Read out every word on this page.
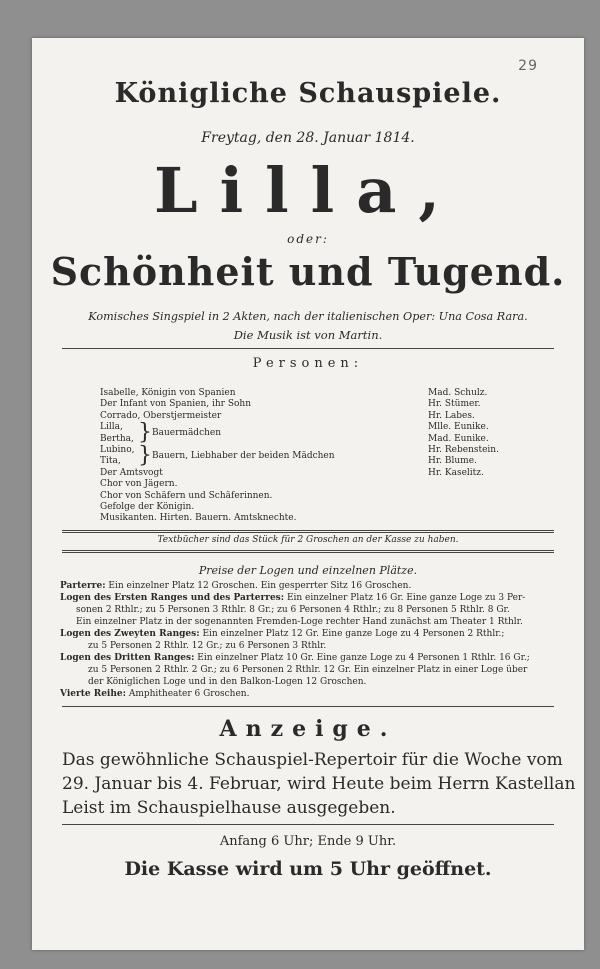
29
Königliche Schauspiele.
Freytag, den 28. Januar 1814.
Lilla,
oder:
Schönheit und Tugend.
Komisches Singspiel in 2 Akten, nach der italienischen Oper: Una Cosa Rara.
Die Musik ist von Martin.
Personen:
Isabelle, Königin von Spanien	Mad. Schulz.
Der Infant von Spanien, ihr Sohn	Hr. Stümer.
Corrado, Oberstjermeister	Hr. Labes.
Lilla,	Mlle. Eunike.
} Bauermädchen
Bertha,	Mad. Eunike.
Lubino,	Hr. Rebenstein.
} Bauern, Liebhaber der beiden Mädchen
Tita,	Hr. Blume.
Der Amtsvogt	Hr. Kaselitz.
Chor von Jägern.
Chor von Schäfern und Schäferinnen.
Gefolge der Königin.
Musikanten. Hirten. Bauern. Amtsknechte.
Textbücher sind das Stück für 2 Groschen an der Kasse zu haben.
Preise der Logen und einzelnen Plätze.
Parterre: Ein einzelner Platz 12 Groschen. Ein gesperrter Sitz 16 Groschen.
Logen des Ersten Ranges und des Parterres: Ein einzelner Platz 16 Gr. Eine ganze Loge zu 3 Per-
sonen 2 Rthlr.; zu 5 Personen 3 Rthlr. 8 Gr.; zu 6 Personen 4 Rthlr.; zu 8 Personen 5 Rthlr. 8 Gr.
Ein einzelner Platz in der sogenannten Fremden-Loge rechter Hand zunächst am Theater 1 Rthlr.
Logen des Zweyten Ranges: Ein einzelner Platz 12 Gr. Eine ganze Loge zu 4 Personen 2 Rthlr.;
zu 5 Personen 2 Rthlr. 12 Gr.; zu 6 Personen 3 Rthlr.
Logen des Dritten Ranges: Ein einzelner Platz 10 Gr. Eine ganze Loge zu 4 Personen 1 Rthlr. 16 Gr.;
zu 5 Personen 2 Rthlr. 2 Gr.; zu 6 Personen 2 Rthlr. 12 Gr. Ein einzelner Platz in einer Loge über
der Königlichen Loge und in den Balkon-Logen 12 Groschen.
Vierte Reihe: Amphitheater 6 Groschen.
Anzeige.
Das gewöhnliche Schauspiel-Repertoir für die Woche vom
29. Januar bis 4. Februar, wird Heute beim Herrn Kastellan
Leist im Schauspielhause ausgegeben.
Anfang 6 Uhr; Ende 9 Uhr.
Die Kasse wird um 5 Uhr geöffnet.
